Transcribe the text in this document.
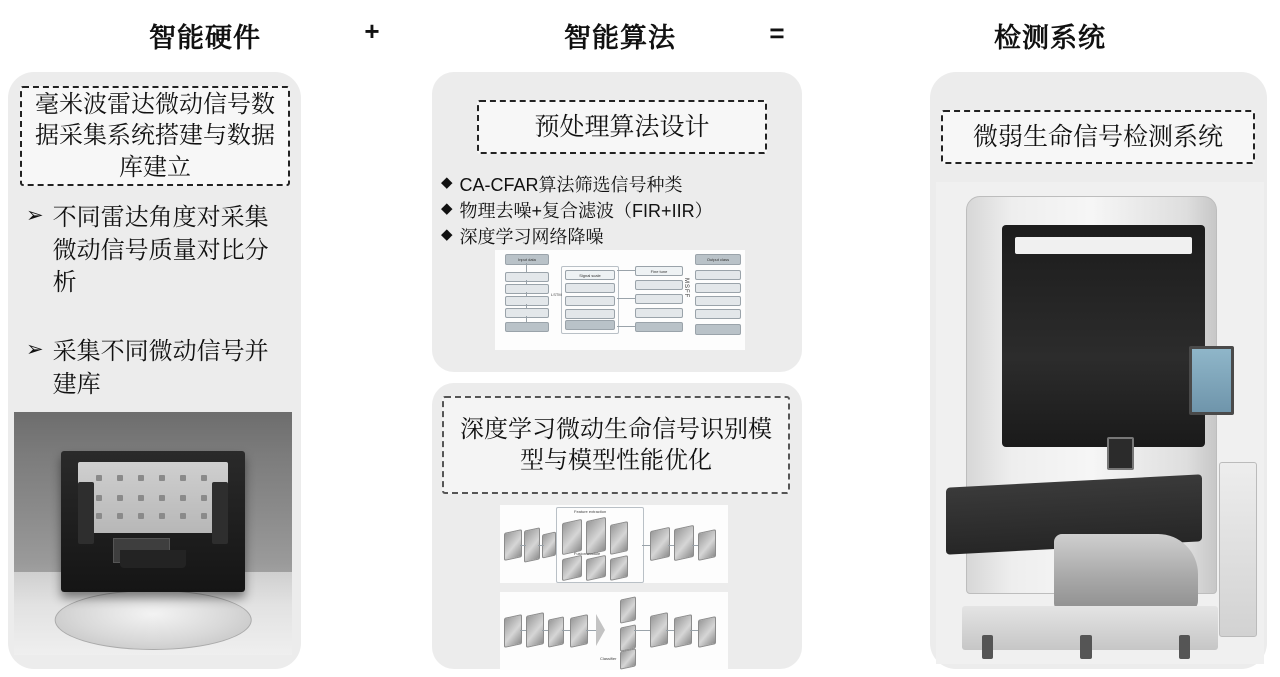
智能硬件	+	智能算法	=	检测系统
毫米波雷达微动信号数据采集系统搭建与数据库建立
➢ 不同雷达角度对采集微动信号质量对比分析
➢ 采集不同微动信号并建库
预处理算法设计
◆ CA-CFAR算法筛选信号种类
◆ 物理去噪+复合滤波（FIR+IIR）
◆ 深度学习网络降噪
Input data
Signal scale
LSTM
Fine tune
MSFF
Output class
深度学习微动生命信号识别模型与模型性能优化
Feature extraction
Fusion module
Classifier
微弱生命信号检测系统
